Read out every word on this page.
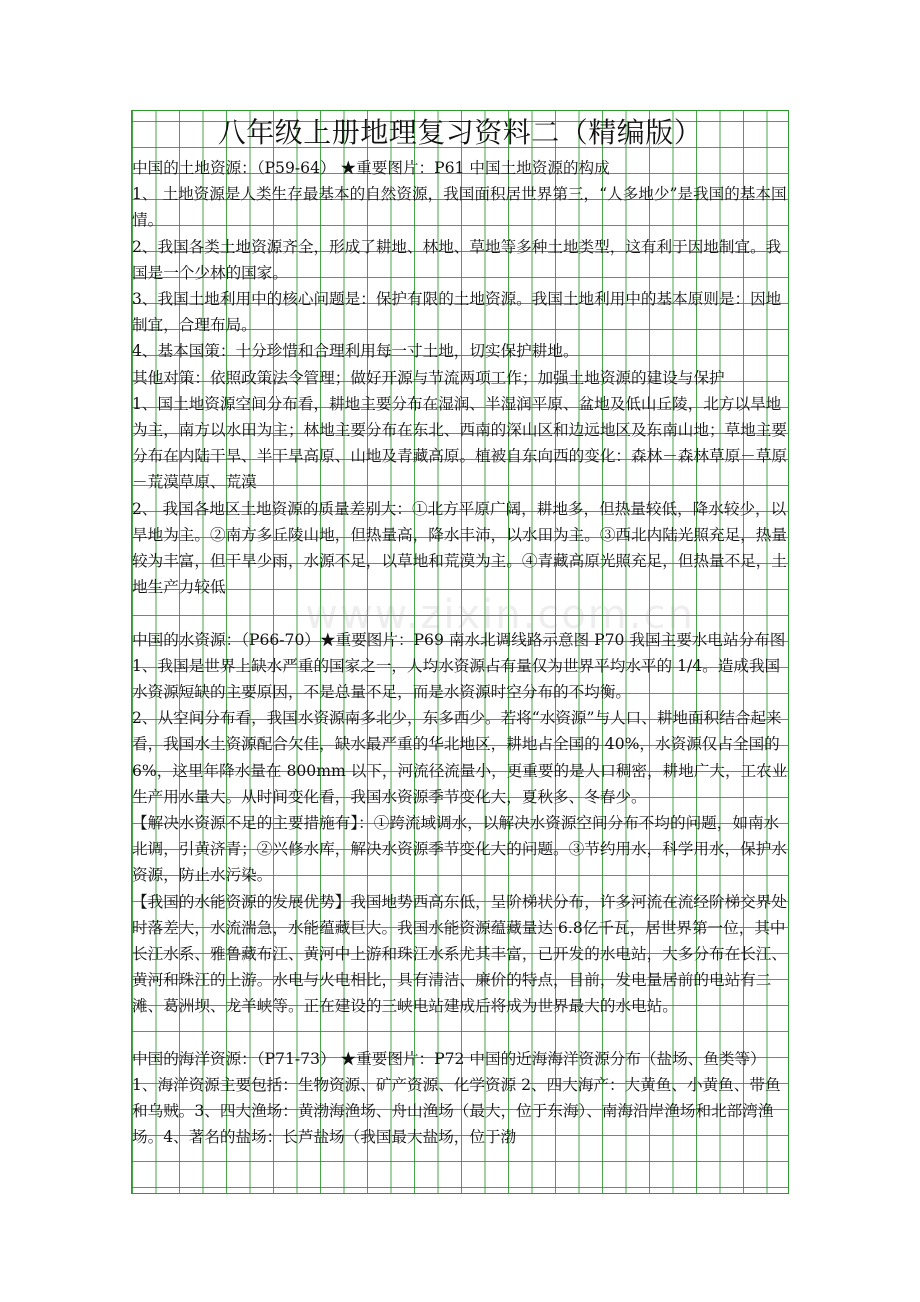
八年级上册地理复习资料二（精编版）

中国的土地资源：（P59-64） ★重要图片：P61 中国土地资源的构成

1、 土地资源是人类生存最基本的自然资源，我国面积居世界第三，“人多地少”是我国的基本国情。

2、我国各类土地资源齐全，形成了耕地、林地、草地等多种土地类型，这有利于因地制宜。我国是一个少林的国家。

3、我国土地利用中的核心问题是：保护有限的土地资源。我国土地利用中的基本原则是：因地制宜，合理布局。

4、基本国策：十分珍惜和合理利用每一寸土地，切实保护耕地。

其他对策：依照政策法令管理；做好开源与节流两项工作；加强土地资源的建设与保护

1、国土地资源空间分布看，耕地主要分布在湿润、半湿润平原、盆地及低山丘陵，北方以旱地为主，南方以水田为主；林地主要分布在东北、西南的深山区和边远地区及东南山地；草地主要分布在内陆干旱、半干旱高原、山地及青藏高原。植被自东向西的变化：森林－森林草原－草原－荒漠草原、荒漠

2、 我国各地区土地资源的质量差别大：①北方平原广阔，耕地多，但热量较低，降水较少，以旱地为主。②南方多丘陵山地，但热量高，降水丰沛，以水田为主。③西北内陆光照充足，热量较为丰富，但干旱少雨，水源不足，以草地和荒漠为主。④青藏高原光照充足，但热量不足，土地生产力较低

中国的水资源：（P66-70）★重要图片：P69 南水北调线路示意图 P70 我国主要水电站分布图

1、我国是世界上缺水严重的国家之一，人均水资源占有量仅为世界平均水平的 1/4。造成我国水资源短缺的主要原因，不是总量不足，而是水资源时空分布的不均衡。

2、从空间分布看，我国水资源南多北少，东多西少。若将“水资源”与人口、耕地面积结合起来看，我国水土资源配合欠佳，缺水最严重的华北地区，耕地占全国的 40%，水资源仅占全国的 6%，这里年降水量在 800mm 以下，河流径流量小，更重要的是人口稠密，耕地广大，工农业生产用水量大。从时间变化看，我国水资源季节变化大，夏秋多、冬春少。

【解决水资源不足的主要措施有】：①跨流域调水，以解决水资源空间分布不均的问题，如南水北调，引黄济青；②兴修水库，解决水资源季节变化大的问题。③节约用水，科学用水，保护水资源，防止水污染。

【我国的水能资源的发展优势】我国地势西高东低，呈阶梯状分布，许多河流在流经阶梯交界处时落差大，水流湍急，水能蕴藏巨大。我国水能资源蕴藏量达 6.8亿千瓦，居世界第一位，其中长江水系、雅鲁藏布江、黄河中上游和珠江水系尤其丰富，已开发的水电站，大多分布在长江、黄河和珠江的上游。水电与火电相比，具有清洁、廉价的特点，目前，发电量居前的电站有二滩、葛洲坝、龙羊峡等。正在建设的三峡电站建成后将成为世界最大的水电站。

中国的海洋资源：（P71-73） ★重要图片：P72 中国的近海海洋资源分布（盐场、鱼类等）

1、海洋资源主要包括：生物资源、矿产资源、化学资源 2、四大海产：大黄鱼、小黄鱼、带鱼和乌贼。3、四大渔场：黄渤海渔场、舟山渔场（最大，位于东海）、南海沿岸渔场和北部湾渔场。4、著名的盐场：长芦盐场（我国最大盐场，位于渤
